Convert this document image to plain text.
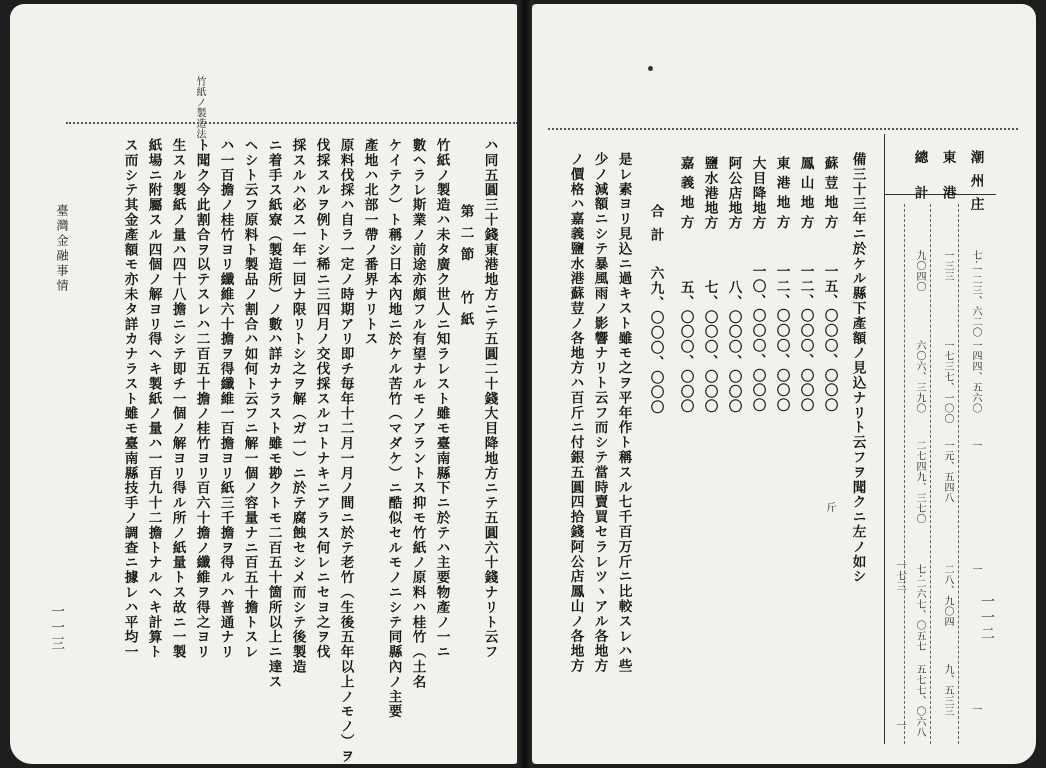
竹紙ノ製造法
ハ同五圓三十錢東港地方ニテ五圓二十錢大目降地方ニテ五圓六十錢ナリト云フ
第二節　竹紙
竹紙ノ製造ハ未タ廣ク世人ニ知ラレスト雖モ臺南縣下ニ於テハ主要物產ノ一ニ
數ヘラレ斯業ノ前途亦頗フル有望ナルモノアラントス抑モ竹紙ノ原料ハ桂竹（土名
ケイテク）ト稱シ日本內地ニ於ケル苦竹（マダケ）ニ酷似セルモノニシテ同縣內ノ主要
產地ハ北部一帶ノ番界ナリトス
原料伐採ハ自ラ一定ノ時期アリ即チ毎年十二月一月ノ間ニ於テ老竹（生後五年以上ノモノ）ヲ
伐採スルヲ例トシ稀ニ三四月ノ交伐採スルコトナキニアラス何レニセヨ之ヲ伐
採スルハ必ス一年一回ナ限リトシ之ヲ解（ガ一）ニ於テ腐蝕セシメ而シテ後製造
ニ着手ス紙寮（製造所）ノ數ハ詳カナラスト雖モ尠クトモ二百五十箇所以上ニ達ス
ヘシト云フ原料ト製品ノ割合ハ如何ト云フニ解一個ノ容量ナニ百五十擔トスレ
ハ一百擔ノ桂竹ヨリ纖維六十擔ヲ得纖維一百擔ヨリ紙三千擔ヲ得ルハ普通ナリ
ト聞ク今此割合ヲ以テスレハ二百五十擔ノ桂竹ヨリ百六十擔ノ纖維ヲ得之ヨリ
生スル製紙ノ量ハ四十八擔ニシテ即チ一個ノ解ヨリ得ル所ノ紙量トス故ニ一製
紙場ニ附屬スル四個ノ解ヨリ得ヘキ製紙ノ量ハ一百九十二擔トナルヘキ計算ト
ス而シテ其金產額モ亦未タ詳カナラスト雖モ臺南縣技手ノ調查ニ據レハ平均一
臺灣金融事情
一一三
潮州庄
東港
總計
七·一二三、六二〇
一三三
九〇四〇
一四四、五六〇
一七三七、一〇〇
六〇六、三九〇
一
一元、五四八
二七四九、三七〇
一
二八、九〇四
七·二六七、〇五七
一
九、五三三
五七七、〇六八
一七三
一
一一二
備三十三年ニ於ケル縣下產額ノ見込ナリト云フヲ聞クニ左ノ如シ
蘇荳地方
一五、〇〇〇、〇〇〇
斤
鳳山地方
一二、〇〇〇、〇〇〇
東港地方
一二、〇〇〇、〇〇〇
大目降地方
一〇、〇〇〇、〇〇〇
阿公店地方
八、〇〇〇、〇〇〇
鹽水港地方
七、〇〇〇、〇〇〇
嘉義地方
五、〇〇〇、〇〇〇
合計
六九、〇〇〇、〇〇〇
是レ素ヨリ見込ニ過キスト雖モ之ヲ平年作ト稱スル七千百万斤ニ比較スレハ些
少ノ減額ニシテ暴風雨ノ影響ナリト云フ而シテ當時賣買セラレツヽアル各地方
ノ價格ハ嘉義鹽水港蘇荳ノ各地方ハ百斤ニ付銀五圓四拾錢阿公店鳳山ノ各地方
